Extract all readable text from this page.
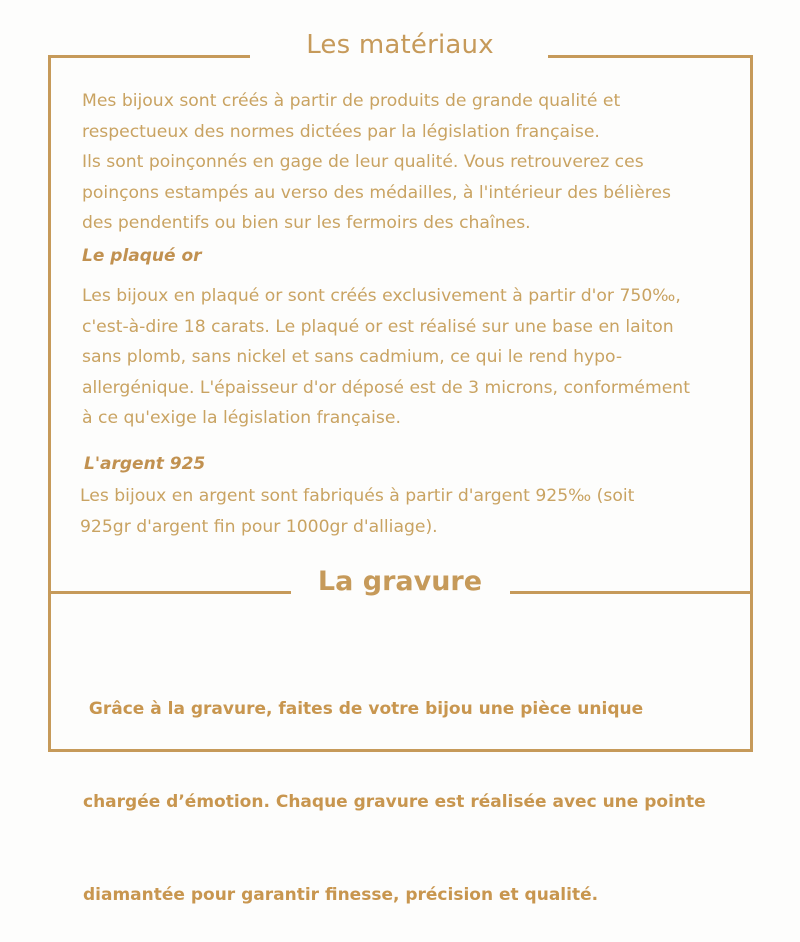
Les matériaux

Mes bijoux sont créés à partir de produits de grande qualité et

respectueux des normes dictées par la législation française.

Ils sont poinçonnés en gage de leur qualité. Vous retrouverez ces

poinçons estampés au verso des médailles, à l'intérieur des bélières

des pendentifs ou bien sur les fermoirs des chaînes.

Le plaqué or

Les bijoux en plaqué or sont créés exclusivement à partir d'or 750‰,

c'est-à-dire 18 carats. Le plaqué or est réalisé sur une base en laiton

sans plomb, sans nickel et sans cadmium, ce qui le rend hypo-

allergénique. L'épaisseur d'or déposé est de 3 microns, conformément

à ce qu'exige la législation française.

L'argent 925

Les bijoux en argent sont fabriqués à partir d'argent 925‰ (soit

925gr d'argent fin pour 1000gr d'alliage).

La gravure

Grâce à la gravure, faites de votre bijou une pièce unique

chargée d’émotion. Chaque gravure est réalisée avec une pointe

diamantée pour garantir finesse, précision et qualité.
